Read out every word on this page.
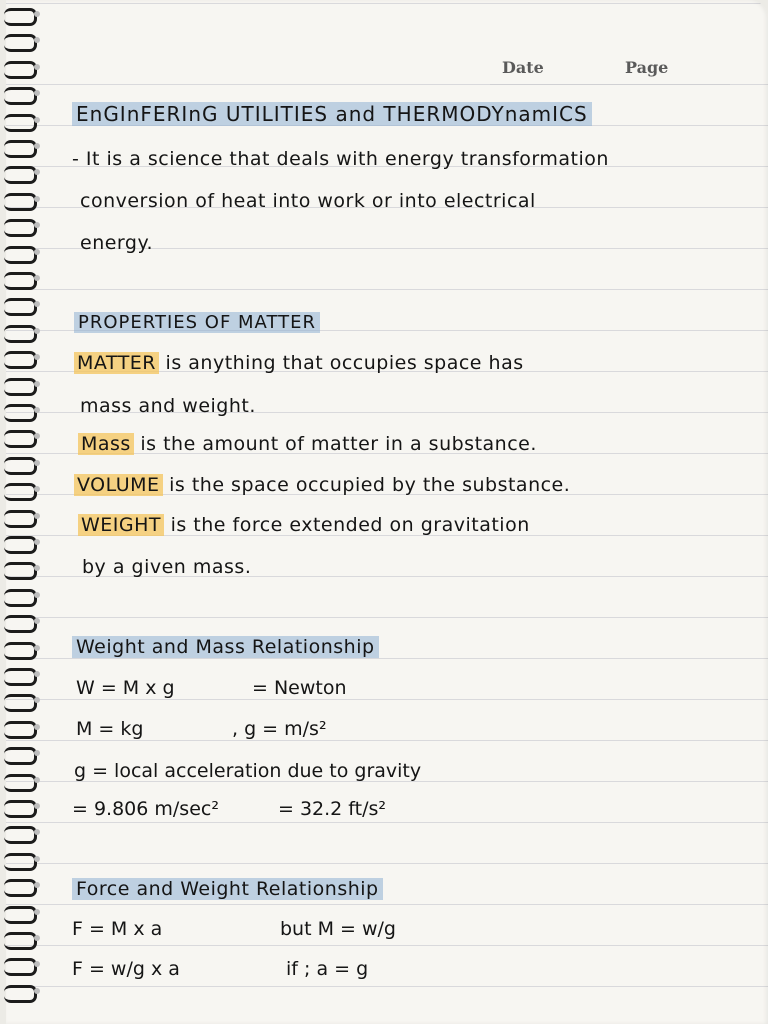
Date	Page
EnGInFERInG UTILITIES and THERMODYnamICS
- It is a science that deals with energy transformation
conversion of heat into work or into electrical
energy.
PROPERTIES OF MATTER
MATTER is anything that occupies space has
mass and weight.
Mass is the amount of matter in a substance.
VOLUME is the space occupied by the substance.
WEIGHT is the force extended on gravitation
by a given mass.
Weight and Mass Relationship
W = M x g	= Newton
M = kg	, g = m/s²
g = local acceleration due to gravity
= 9.806 m/sec²	= 32.2 ft/s²
Force and Weight Relationship
F = M x a	but M = w/g
F = w/g x a	if ; a = g
